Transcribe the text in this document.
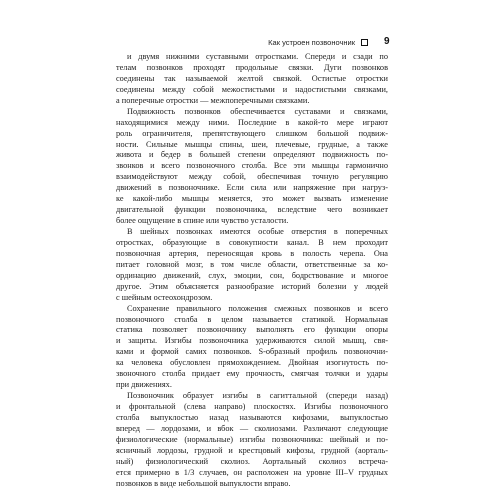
Как устроен позвоночник	9
и двумя нижними суставными отростками. Спереди и сзади по
телам позвонков проходят продольные связки. Дуги позвонков
соединены так называемой желтой связкой. Остистые отростки
соединены между собой межостистыми и надостистыми связками,
а поперечные отростки — межпоперечными связками.
Подвижность позвонков обеспечивается суставами и связками,
находящимися между ними. Последние в какой-то мере играют
роль ограничителя, препятствующего слишком большой подвиж-
ности. Сильные мышцы спины, шеи, плечевые, грудные, а также
живота и бедер в большей степени определяют подвижность по-
звонков и всего позвоночного столба. Все эти мышцы гармонично
взаимодействуют между собой, обеспечивая точную регуляцию
движений в позвоночнике. Если сила или напряжение при нагруз-
ке какой-либо мышцы меняется, это может вызвать изменение
двигательной функции позвоночника, вследствие чего возникает
более ощущение в спине или чувство усталости.
В шейных позвонках имеются особые отверстия в поперечных
отростках, образующие в совокупности канал. В нем проходит
позвоночная артерия, переносящая кровь в полость черепа. Она
питает головной мозг, в том числе области, ответственные за ко-
ординацию движений, слух, эмоции, сон, бодрствование и многое
другое. Этим объясняется разнообразие историй болезни у людей
с шейным остеохондрозом.
Сохранение правильного положения смежных позвонков и всего
позвоночного столба в целом называется статикой. Нормальная
статика позволяет позвоночнику выполнять его функции опоры
и защиты. Изгибы позвоночника удерживаются силой мышц, свя-
ками и формой самих позвонков. S-образный профиль позвоночни-
ка человека обусловлен прямохождением. Двойная изогнутость по-
звоночного столба придает ему прочность, смягчая толчки и удары
при движениях.
Позвоночник образует изгибы в сагиттальной (спереди назад)
и фронтальной (слева направо) плоскостях. Изгибы позвоночного
столба выпуклостью назад называются кифозами, выпуклостью
вперед — лордозами, и вбок — сколиозами. Различают следующие
физиологические (нормальные) изгибы позвоночника: шейный и по-
ясничный лордозы, грудной и крестцовый кифозы, грудной (аорталь-
ный) физиологический сколиоз. Аортальный сколиоз встреча-
ется примерно в 1/3 случаев, он расположен на уровне III–V грудных
позвонков в виде небольшой выпуклости вправо.
